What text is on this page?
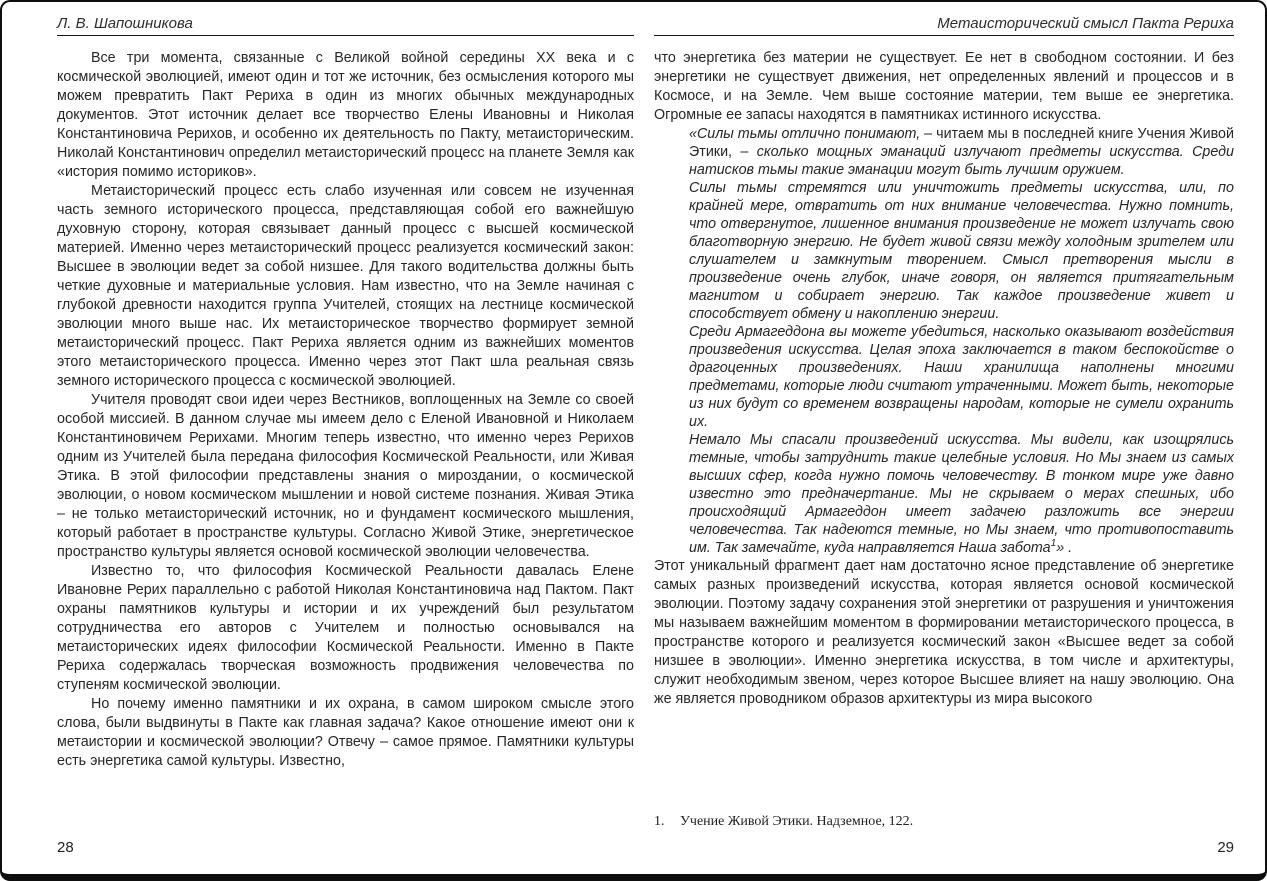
Л. В. Шапошникова

Все три момента, связанные с Великой войной середины XX века и с космической эволюцией, имеют один и тот же источник, без осмысления которого мы можем превратить Пакт Рериха в один из многих обычных международных документов. Этот источник делает все творчество Елены Ивановны и Николая Константиновича Рерихов, и особенно их деятельность по Пакту, метаисторическим. Николай Константинович определил метаисторический процесс на планете Земля как «история помимо историков».

Метаисторический процесс есть слабо изученная или совсем не изученная часть земного исторического процесса, представляющая собой его важнейшую духовную сторону, которая связывает данный процесс с высшей космической материей. Именно через метаисторический процесс реализуется космический закон: Высшее в эволюции ведет за собой низшее. Для такого водительства должны быть четкие духовные и материальные условия. Нам известно, что на Земле начиная с глубокой древности находится группа Учителей, стоящих на лестнице космической эволюции много выше нас. Их метаисторическое творчество формирует земной метаисторический процесс. Пакт Рериха является одним из важнейших моментов этого метаисторического процесса. Именно через этот Пакт шла реальная связь земного исторического процесса с космической эволюцией.

Учителя проводят свои идеи через Вестников, воплощенных на Земле со своей особой миссией. В данном случае мы имеем дело с Еленой Ивановной и Николаем Константиновичем Рерихами. Многим теперь известно, что именно через Рерихов одним из Учителей была передана философия Космической Реальности, или Живая Этика. В этой философии представлены знания о мироздании, о космической эволюции, о новом космическом мышлении и новой системе познания. Живая Этика – не только метаисторический источник, но и фундамент космического мышления, который работает в пространстве культуры. Согласно Живой Этике, энергетическое пространство культуры является основой космической эволюции человечества.

Известно то, что философия Космической Реальности давалась Елене Ивановне Рерих параллельно с работой Николая Константиновича над Пактом. Пакт охраны памятников культуры и истории и их учреждений был результатом сотрудничества его авторов с Учителем и полностью основывался на метаисторических идеях философии Космической Реальности. Именно в Пакте Рериха содержалась творческая возможность продвижения человечества по ступеням космической эволюции.

Но почему именно памятники и их охрана, в самом широком смысле этого слова, были выдвинуты в Пакте как главная задача? Какое отношение имеют они к метаистории и космической эволюции? Отвечу – самое прямое. Памятники культуры есть энергетика самой культуры. Известно,

28
Метаисторический смысл Пакта Рериха

что энергетика без материи не существует. Ее нет в свободном состоянии. И без энергетики не существует движения, нет определенных явлений и процессов и в Космосе, и на Земле. Чем выше состояние материи, тем выше ее энергетика. Огромные ее запасы находятся в памятниках истинного искусства.

«Силы тьмы отлично понимают, – читаем мы в последней книге Учения Живой Этики, – сколько мощных эманаций излучают предметы искусства. Среди натисков тьмы такие эманации могут быть лучшим оружием.

Силы тьмы стремятся или уничтожить предметы искусства, или, по крайней мере, отвратить от них внимание человечества. Нужно помнить, что отвергнутое, лишенное внимания произведение не может излучать свою благотворную энергию. Не будет живой связи между холодным зрителем или слушателем и замкнутым творением. Смысл претворения мысли в произведение очень глубок, иначе говоря, он является притягательным магнитом и собирает энергию. Так каждое произведение живет и способствует обмену и накоплению энергии.

Среди Армагеддона вы можете убедиться, насколько оказывают воздействия произведения искусства. Целая эпоха заключается в таком беспокойстве о драгоценных произведениях. Наши хранилища наполнены многими предметами, которые люди считают утраченными. Может быть, некоторые из них будут со временем возвращены народам, которые не сумели охранить их.

Немало Мы спасали произведений искусства. Мы видели, как изощрялись темные, чтобы затруднить такие целебные условия. Но Мы знаем из самых высших сфер, когда нужно помочь человечеству. В тонком мире уже давно известно это предначертание. Мы не скрываем о мерах спешных, ибо происходящий Армагеддон имеет задачею разложить все энергии человечества. Так надеются темные, но Мы знаем, что противопоставить им. Так замечайте, куда направляется Наша забота$^1$» .

Этот уникальный фрагмент дает нам достаточно ясное представление об энергетике самых разных произведений искусства, которая является основой космической эволюции. Поэтому задачу сохранения этой энергетики от разрушения и уничтожения мы называем важнейшим моментом в формировании метаисторического процесса, в пространстве которого и реализуется космический закон «Высшее ведет за собой низшее в эволюции». Именно энергетика искусства, в том числе и архитектуры, служит необходимым звеном, через которое Высшее влияет на нашу эволюцию. Она же является проводником образов архитектуры из мира высокого

1.	Учение Живой Этики. Надземное, 122.
29
